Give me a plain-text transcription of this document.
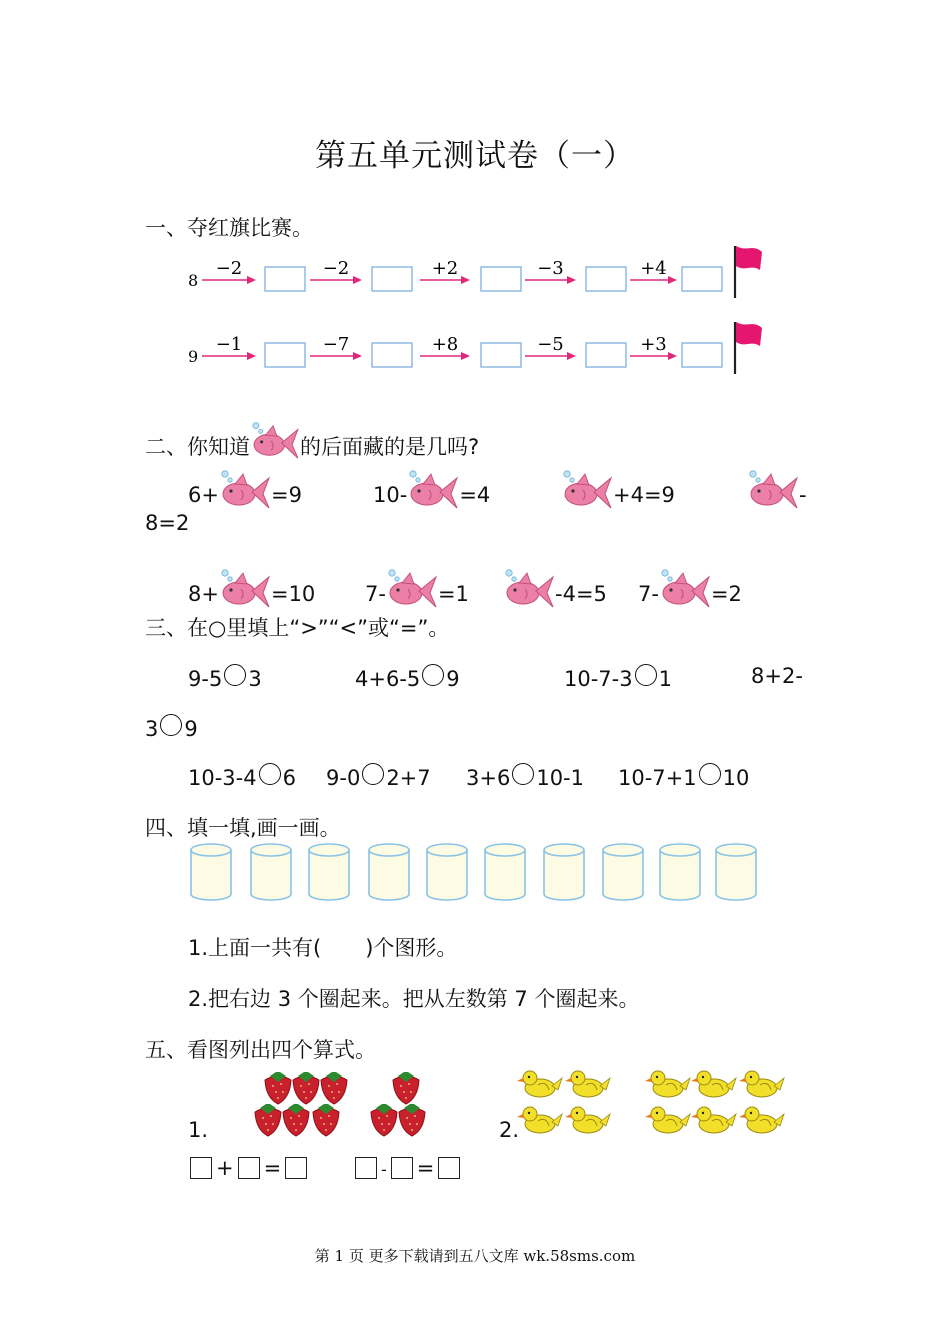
第五单元测试卷（一）
一、夺红旗比赛。
8
−2	−2	+2	−3	+4
9
−1	−7	+8	−5	+3
二、你知道 的后面藏的是几吗?
6+ =9	10- =4	+4=9	-
8=2
8+ =10 7- =1	-4=5 7- =2
三、在○里填上“>”“<”或“=”。
9-5 3	4+6-5 9	10-7-3 1	8+2-
3 9
10-3-4 6 9-0 2+7 3+6 10-1 10-7+1 10
四、填一填,画一画。
1.上面一共有( )个图形。
2.把右边 3 个圈起来。把从左数第 7 个圈起来。
五、看图列出四个算式。
1.	2.
+ =	- =
第 1 页 更多下载请到五八文库 wk.58sms.com
